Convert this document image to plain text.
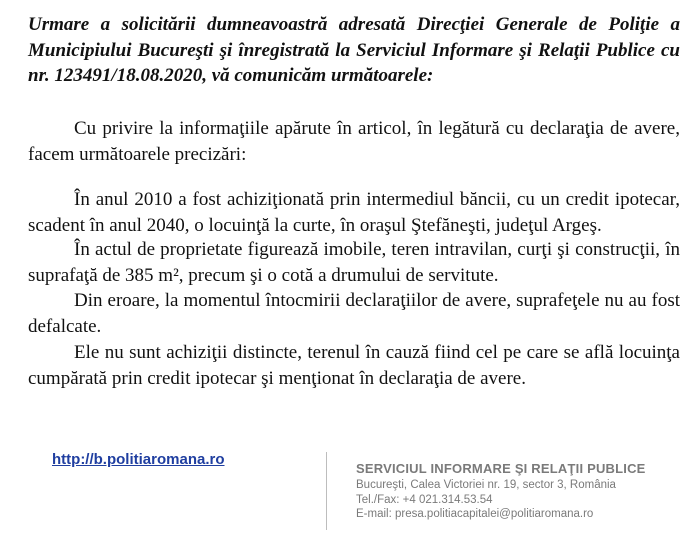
Urmare a solicitării dumneavoastră adresată Direcţiei Generale de Poliţie a Municipiului Bucureşti şi înregistrată la Serviciul Informare şi Relaţii Publice cu nr. 123491/18.08.2020, vă comunicăm următoarele:

Cu privire la informaţiile apărute în articol, în legătură cu declaraţia de avere, facem următoarele precizări:

În anul 2010 a fost achiziţionată prin intermediul băncii, cu un credit ipotecar, scadent în anul 2040, o locuinţă la curte, în oraşul Ştefăneşti, judeţul Argeş.

În actul de proprietate figurează imobile, teren intravilan, curţi şi construcţii, în suprafaţă de 385 m², precum şi o cotă a drumului de servitute.

Din eroare, la momentul întocmirii declaraţiilor de avere, suprafeţele nu au fost defalcate.

Ele nu sunt achiziţii distincte, terenul în cauză fiind cel pe care se află locuinţa cumpărată prin credit ipotecar şi menţionat în declaraţia de avere.

http://b.politiaromana.ro

SERVICIUL INFORMARE ŞI RELAŢII PUBLICE
Bucureşti, Calea Victoriei nr. 19, sector 3, România
Tel./Fax: +4 021.314.53.54
E-mail: presa.politiacapitalei@politiaromana.ro
